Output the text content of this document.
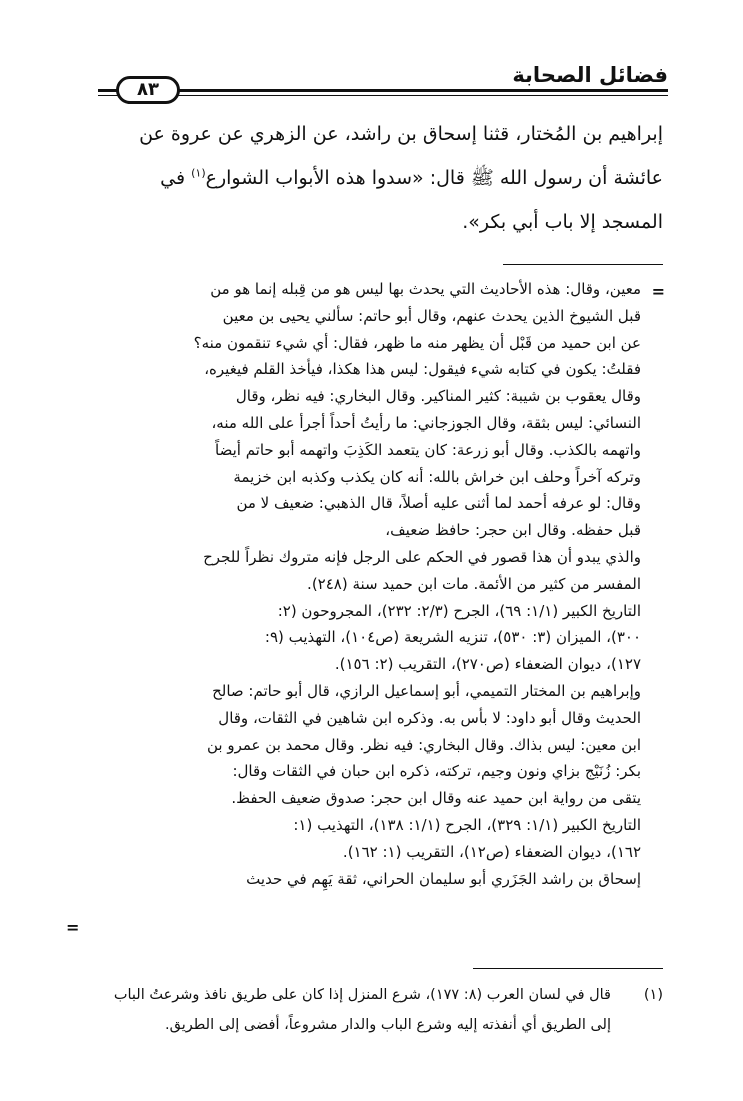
فضائل الصحابة
٨٣

إبراهيم بن المُختار، قثنا إسحاق بن راشد، عن الزهري عن عروة عن

عائشة أن رسول الله ﷺ قال: «سدوا هذه الأبواب الشوارع$^{(١)}$ في

المسجد إلا باب أبي بكر».

=

معين، وقال: هذه الأحاديث التي يحدث بها ليس هو من قِبله إنما هو من

قبل الشيوخ الذين يحدث عنهم، وقال أبو حاتم: سألني يحيى بن معين

عن ابن حميد من قَبْل أن يظهر منه ما ظهر، فقال: أي شيء تنقمون منه؟

فقلتُ: يكون في كتابه شيء فيقول: ليس هذا هكذا، فيأخذ القلم فيغيره،

وقال يعقوب بن شيبة: كثير المناكير. وقال البخاري: فيه نظر، وقال

النسائي: ليس بثقة، وقال الجوزجاني: ما رأيتُ أحداً أجرأ على الله منه،

واتهمه بالكذب. وقال أبو زرعة: كان يتعمد الكَذِبَ واتهمه أبو حاتم أيضاً

وتركه آخراً وحلف ابن خراش بالله: أنه كان يكذب وكذبه ابن خزيمة

وقال: لو عرفه أحمد لما أثنى عليه أصلاً، قال الذهبي: ضعيف لا من

قبل حفظه. وقال ابن حجر: حافظ ضعيف،

والذي يبدو أن هذا قصور في الحكم على الرجل فإنه متروك نظراً للجرح

المفسر من كثير من الأئمة. مات ابن حميد سنة (٢٤٨).

التاريخ الكبير (١/١: ٦٩)، الجرح (٢/٣: ٢٣٢)، المجروحون (٢:

٣٠٠)، الميزان (٣: ٥٣٠)، تنزيه الشريعة (ص١٠٤)، التهذيب (٩:

١٢٧)، ديوان الضعفاء (ص٢٧٠)، التقريب (٢: ١٥٦).

وإبراهيم بن المختار التميمي، أبو إسماعيل الرازي، قال أبو حاتم: صالح

الحديث وقال أبو داود: لا بأس به. وذكره ابن شاهين في الثقات، وقال

ابن معين: ليس بذاك. وقال البخاري: فيه نظر. وقال محمد بن عمرو بن

بكر: زُنَيْج بزاي ونون وجيم، تركته، ذكره ابن حبان في الثقات وقال:

يتقى من رواية ابن حميد عنه وقال ابن حجر: صدوق ضعيف الحفظ.

التاريخ الكبير (١/١: ٣٢٩)، الجرح (١/١: ١٣٨)، التهذيب (١:

١٦٢)، ديوان الضعفاء (ص١٢)، التقريب (١: ١٦٢).

إسحاق بن راشد الجَزَري أبو سليمان الحراني، ثقة يَهِم في حديث

=
(١)
قال في لسان العرب (٨: ١٧٧)، شرع المنزل إذا كان على طريق نافذ وشرعتُ الباب
إلى الطريق أي أنفذته إليه وشرع الباب والدار مشروعاً، أفضى إلى الطريق.
